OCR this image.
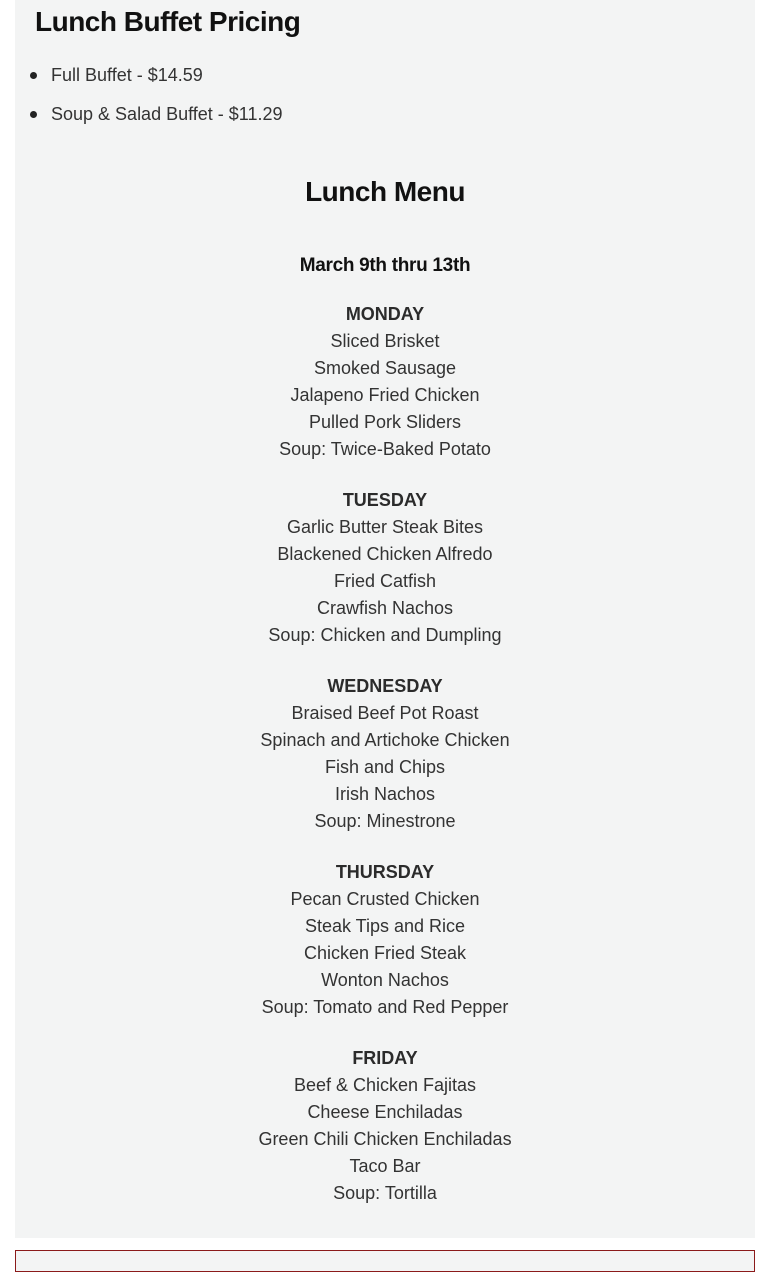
Lunch Buffet Pricing
Full Buffet - $14.59
Soup & Salad Buffet - $11.29
Lunch Menu
March 9th thru 13th
MONDAY
Sliced Brisket
Smoked Sausage
Jalapeno Fried Chicken
Pulled Pork Sliders
Soup: Twice-Baked Potato
TUESDAY
Garlic Butter Steak Bites
Blackened Chicken Alfredo
Fried Catfish
Crawfish Nachos
Soup: Chicken and Dumpling
WEDNESDAY
Braised Beef Pot Roast
Spinach and Artichoke Chicken
Fish and Chips
Irish Nachos
Soup: Minestrone
THURSDAY
Pecan Crusted Chicken
Steak Tips and Rice
Chicken Fried Steak
Wonton Nachos
Soup: Tomato and Red Pepper
FRIDAY
Beef & Chicken Fajitas
Cheese Enchiladas
Green Chili Chicken Enchiladas
Taco Bar
Soup: Tortilla
